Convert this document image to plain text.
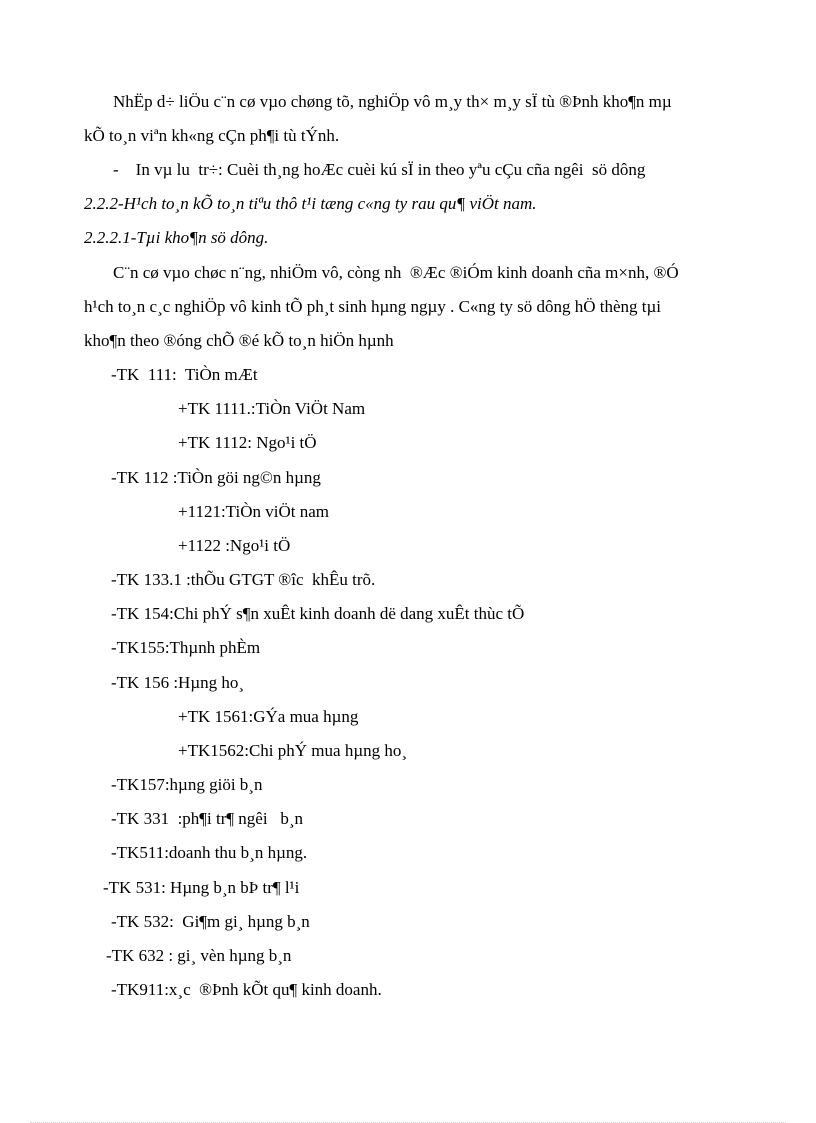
NhËp d÷ liÖu c¨n cø vµo chøng tõ, nghiÖp vô m¸y th× m¸y sÏ tù ®Þnh kho¶n mµ
kÕ to¸n viªn kh«ng cÇn ph¶i tù tÝnh.
-    In vµ lu  tr÷: Cuèi th¸ng hoÆc cuèi kú sÏ in theo yªu cÇu cña ngêi  sö dông
2.2.2-H¹ch to¸n kÕ to¸n tiªu thô t¹i tæng c«ng ty rau qu¶ viÖt nam.
2.2.2.1-Tµi kho¶n sö dông.
C¨n cø vµo chøc n¨ng, nhiÖm vô, còng nh  ®Æc ®iÓm kinh doanh cña m×nh, ®Ó
h¹ch to¸n c¸c nghiÖp vô kinh tÕ ph¸t sinh hµng ngµy . C«ng ty sö dông hÖ thèng tµi
kho¶n theo ®óng chÕ ®é kÕ to¸n hiÖn hµnh
-TK  111:  TiÒn mÆt
+TK 1111.:TiÒn ViÖt Nam
+TK 1112: Ngo¹i tÖ
-TK 112 :TiÒn göi ng©n hµng
+1121:TiÒn viÖt nam
+1122 :Ngo¹i tÖ
-TK 133.1 :thÕu GTGT ®îc  khÊu trõ.
-TK 154:Chi phÝ s¶n xuÊt kinh doanh dë dang xuÊt thùc tÕ
-TK155:Thµnh phÈm
-TK 156 :Hµng ho¸
+TK 1561:GÝa mua hµng
+TK1562:Chi phÝ mua hµng ho¸
-TK157:hµng giöi b¸n
-TK 331  :ph¶i tr¶ ngêi   b¸n
-TK511:doanh thu b¸n hµng.
-TK 531: Hµng b¸n bÞ tr¶ l¹i
-TK 532:  Gi¶m gi¸ hµng b¸n
-TK 632 : gi¸ vèn hµng b¸n
-TK911:x¸c  ®Þnh kÕt qu¶ kinh doanh.
